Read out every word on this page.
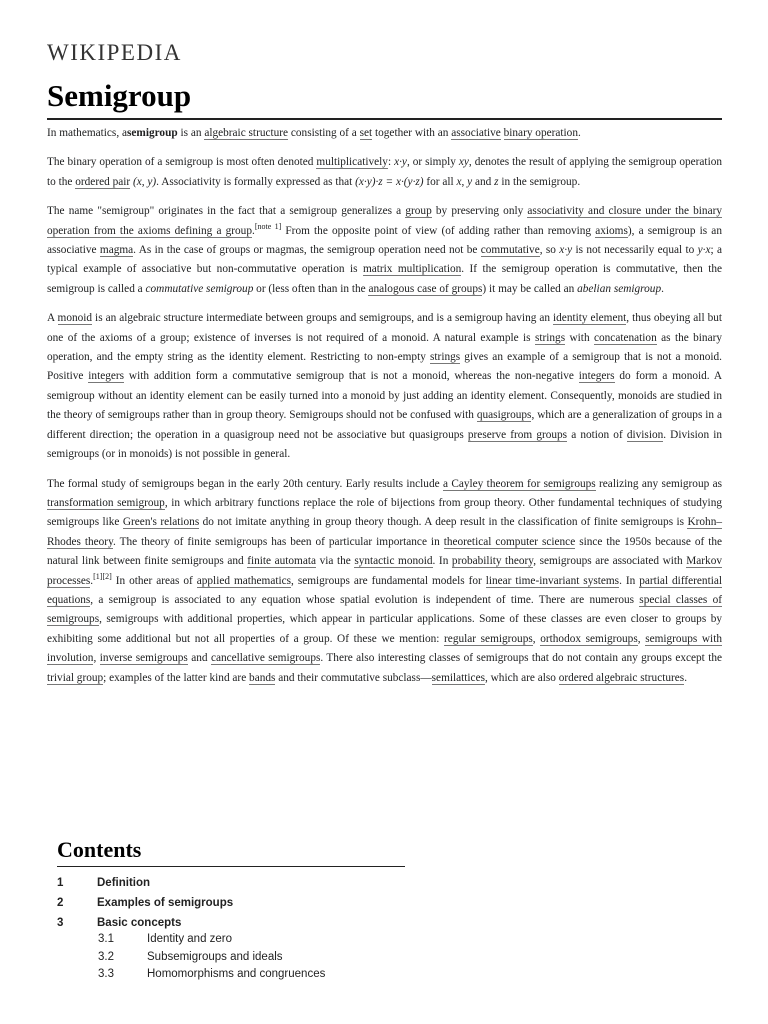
WIKIPEDIA
Semigroup

In mathematics, asemigroup is an algebraic structure consisting of a set together with an associative binary operation.

The binary operation of a semigroup is most often denoted multiplicatively: x·y, or simply xy, denotes the result of applying the semigroup operation to the ordered pair (x, y). Associativity is formally expressed as that (x·y)·z = x·(y·z) for all x, y and z in the semigroup.

The name "semigroup" originates in the fact that a semigroup generalizes a group by preserving only associativity and closure under the binary operation from the axioms defining a group.[note 1] From the opposite point of view (of adding rather than removing axioms), a semigroup is an associative magma. As in the case of groups or magmas, the semigroup operation need not be commutative, so x·y is not necessarily equal to y·x; a typical example of associative but non-commutative operation is matrix multiplication. If the semigroup operation is commutative, then the semigroup is called a commutative semigroup or (less often than in the analogous case of groups) it may be called an abelian semigroup.

A monoid is an algebraic structure intermediate between groups and semigroups, and is a semigroup having an identity element, thus obeying all but one of the axioms of a group; existence of inverses is not required of a monoid. A natural example is strings with concatenation as the binary operation, and the empty string as the identity element. Restricting to non-empty strings gives an example of a semigroup that is not a monoid. Positive integers with addition form a commutative semigroup that is not a monoid, whereas the non-negative integers do form a monoid. A semigroup without an identity element can be easily turned into a monoid by just adding an identity element. Consequently, monoids are studied in the theory of semigroups rather than in group theory. Semigroups should not be confused with quasigroups, which are a generalization of groups in a different direction; the operation in a quasigroup need not be associative but quasigroups preserve from groups a notion of division. Division in semigroups (or in monoids) is not possible in general.

The formal study of semigroups began in the early 20th century. Early results include a Cayley theorem for semigroups realizing any semigroup as transformation semigroup, in which arbitrary functions replace the role of bijections from group theory. Other fundamental techniques of studying semigroups like Green's relations do not imitate anything in group theory though. A deep result in the classification of finite semigroups is Krohn–Rhodes theory. The theory of finite semigroups has been of particular importance in theoretical computer science since the 1950s because of the natural link between finite semigroups and finite automata via the syntactic monoid. In probability theory, semigroups are associated with Markov processes.[1][2] In other areas of applied mathematics, semigroups are fundamental models for linear time-invariant systems. In partial differential equations, a semigroup is associated to any equation whose spatial evolution is independent of time. There are numerous special classes of semigroups, semigroups with additional properties, which appear in particular applications. Some of these classes are even closer to groups by exhibiting some additional but not all properties of a group. Of these we mention: regular semigroups, orthodox semigroups, semigroups with involution, inverse semigroups and cancellative semigroups. There also interesting classes of semigroups that do not contain any groups except the trivial group; examples of the latter kind are bands and their commutative subclass—semilattices, which are also ordered algebraic structures.

Contents
1	Definition
2	Examples of semigroups
3	Basic concepts
3.1	Identity and zero
3.2	Subsemigroups and ideals
3.3	Homomorphisms and congruences
